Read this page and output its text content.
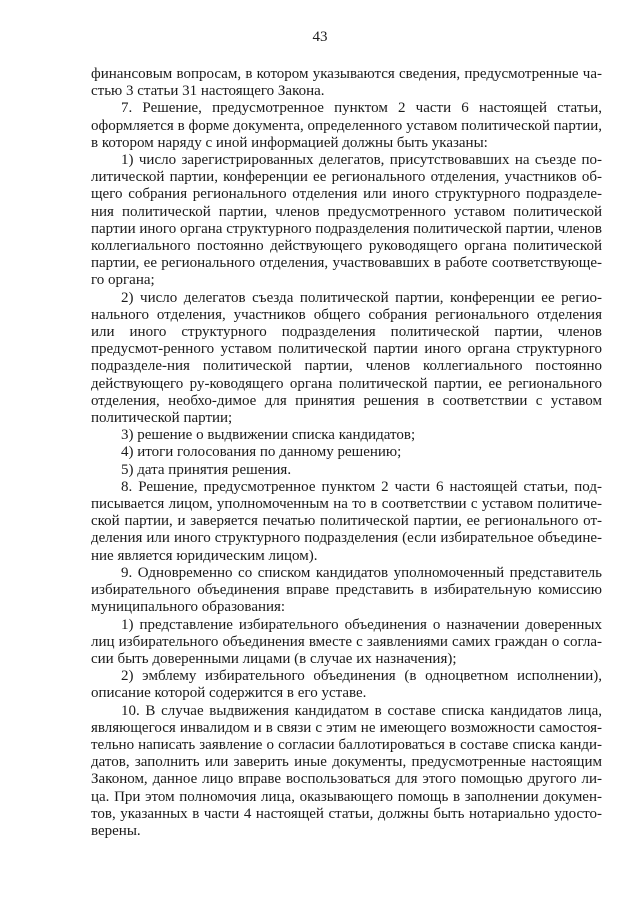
43

финансовым вопросам, в котором указываются сведения, предусмотренные ча-стью 3 статьи 31 настоящего Закона.

7. Решение, предусмотренное пунктом 2 части 6 настоящей статьи, оформляется в форме документа, определенного уставом политической партии, в котором наряду с иной информацией должны быть указаны:

1) число зарегистрированных делегатов, присутствовавших на съезде по-литической партии, конференции ее регионального отделения, участников об-щего собрания регионального отделения или иного структурного подразделе-ния политической партии, членов предусмотренного уставом политической партии иного органа структурного подразделения политической партии, членов коллегиального постоянно действующего руководящего органа политической партии, ее регионального отделения, участвовавших в работе соответствующе-го органа;

2) число делегатов съезда политической партии, конференции ее регио-нального отделения, участников общего собрания регионального отделения или иного структурного подразделения политической партии, членов предусмот-ренного уставом политической партии иного органа структурного подразделе-ния политической партии, членов коллегиального постоянно действующего ру-ководящего органа политической партии, ее регионального отделения, необхо-димое для принятия решения в соответствии с уставом политической партии;

3) решение о выдвижении списка кандидатов;

4) итоги голосования по данному решению;

5) дата принятия решения.

8. Решение, предусмотренное пунктом 2 части 6 настоящей статьи, под-писывается лицом, уполномоченным на то в соответствии с уставом политиче-ской партии, и заверяется печатью политической партии, ее регионального от-деления или иного структурного подразделения (если избирательное объедине-ние является юридическим лицом).

9. Одновременно со списком кандидатов уполномоченный представитель избирательного объединения вправе представить в избирательную комиссию муниципального образования:

1) представление избирательного объединения о назначении доверенных лиц избирательного объединения вместе с заявлениями самих граждан о согла-сии быть доверенными лицами (в случае их назначения);

2) эмблему избирательного объединения (в одноцветном исполнении), описание которой содержится в его уставе.

10. В случае выдвижения кандидатом в составе списка кандидатов лица, являющегося инвалидом и в связи с этим не имеющего возможности самостоя-тельно написать заявление о согласии баллотироваться в составе списка канди-датов, заполнить или заверить иные документы, предусмотренные настоящим Законом, данное лицо вправе воспользоваться для этого помощью другого ли-ца. При этом полномочия лица, оказывающего помощь в заполнении докумен-тов, указанных в части 4 настоящей статьи, должны быть нотариально удосто-верены.
